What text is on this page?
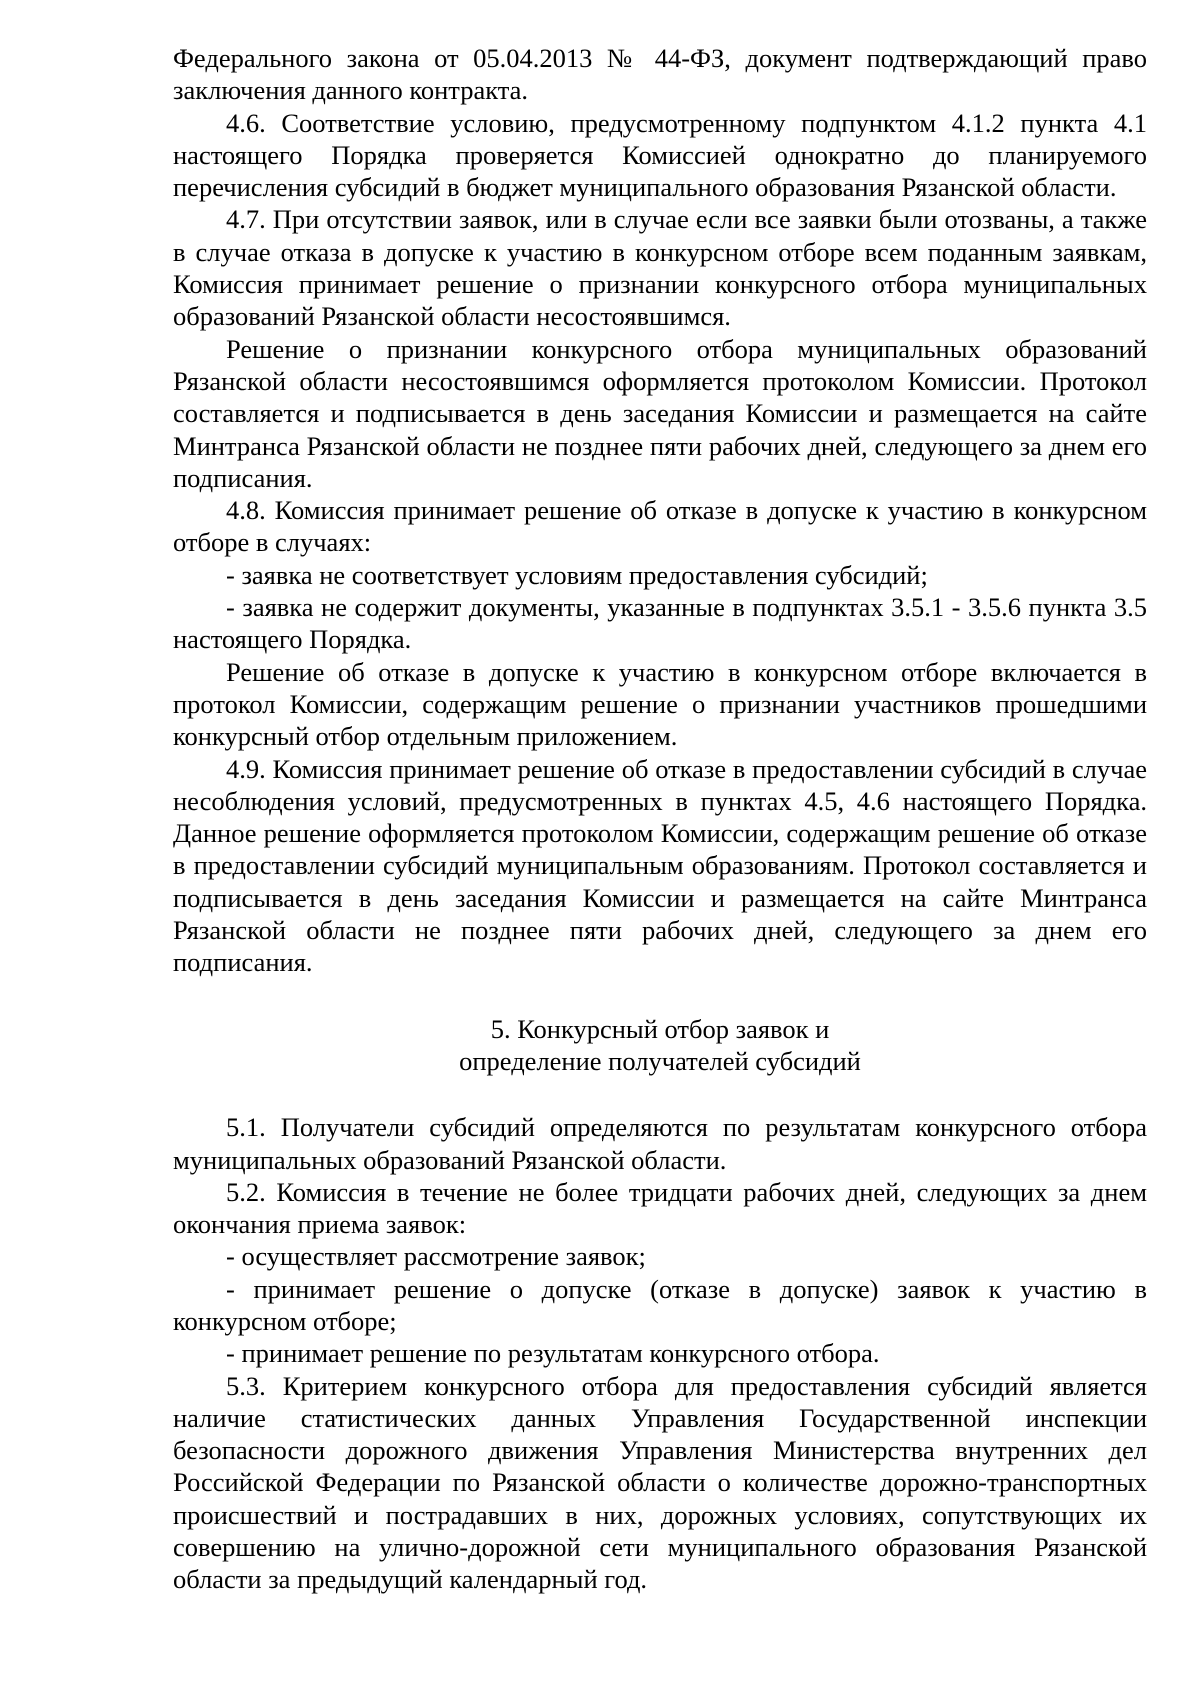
Федерального закона от 05.04.2013 № 44-ФЗ, документ подтверждающий право заключения данного контракта.

4.6. Соответствие условию, предусмотренному подпунктом 4.1.2 пункта 4.1 настоящего Порядка проверяется Комиссией однократно до планируемого перечисления субсидий в бюджет муниципального образования Рязанской области.

4.7. При отсутствии заявок, или в случае если все заявки были отозваны, а также в случае отказа в допуске к участию в конкурсном отборе всем поданным заявкам, Комиссия принимает решение о признании конкурсного отбора муниципальных образований Рязанской области несостоявшимся.

Решение о признании конкурсного отбора муниципальных образований Рязанской области несостоявшимся оформляется протоколом Комиссии. Протокол составляется и подписывается в день заседания Комиссии и размещается на сайте Минтранса Рязанской области не позднее пяти рабочих дней, следующего за днем его подписания.

4.8. Комиссия принимает решение об отказе в допуске к участию в конкурсном отборе в случаях:

- заявка не соответствует условиям предоставления субсидий;

- заявка не содержит документы, указанные в подпунктах 3.5.1 - 3.5.6 пункта 3.5 настоящего Порядка.

Решение об отказе в допуске к участию в конкурсном отборе включается в протокол Комиссии, содержащим решение о признании участников прошедшими конкурсный отбор отдельным приложением.

4.9. Комиссия принимает решение об отказе в предоставлении субсидий в случае несоблюдения условий, предусмотренных в пунктах 4.5, 4.6 настоящего Порядка. Данное решение оформляется протоколом Комиссии, содержащим решение об отказе в предоставлении субсидий муниципальным образованиям. Протокол составляется и подписывается в день заседания Комиссии и размещается на сайте Минтранса Рязанской области не позднее пяти рабочих дней, следующего за днем его подписания.

5. Конкурсный отбор заявок и
определение получателей субсидий

5.1. Получатели субсидий определяются по результатам конкурсного отбора муниципальных образований Рязанской области.

5.2. Комиссия в течение не более тридцати рабочих дней, следующих за днем окончания приема заявок:

- осуществляет рассмотрение заявок;

- принимает решение о допуске (отказе в допуске) заявок к участию в конкурсном отборе;

- принимает решение по результатам конкурсного отбора.

5.3. Критерием конкурсного отбора для предоставления субсидий является наличие статистических данных Управления Государственной инспекции безопасности дорожного движения Управления Министерства внутренних дел Российской Федерации по Рязанской области о количестве дорожно-транспортных происшествий и пострадавших в них, дорожных условиях, сопутствующих их совершению на улично-дорожной сети муниципального образования Рязанской области за предыдущий календарный год.
